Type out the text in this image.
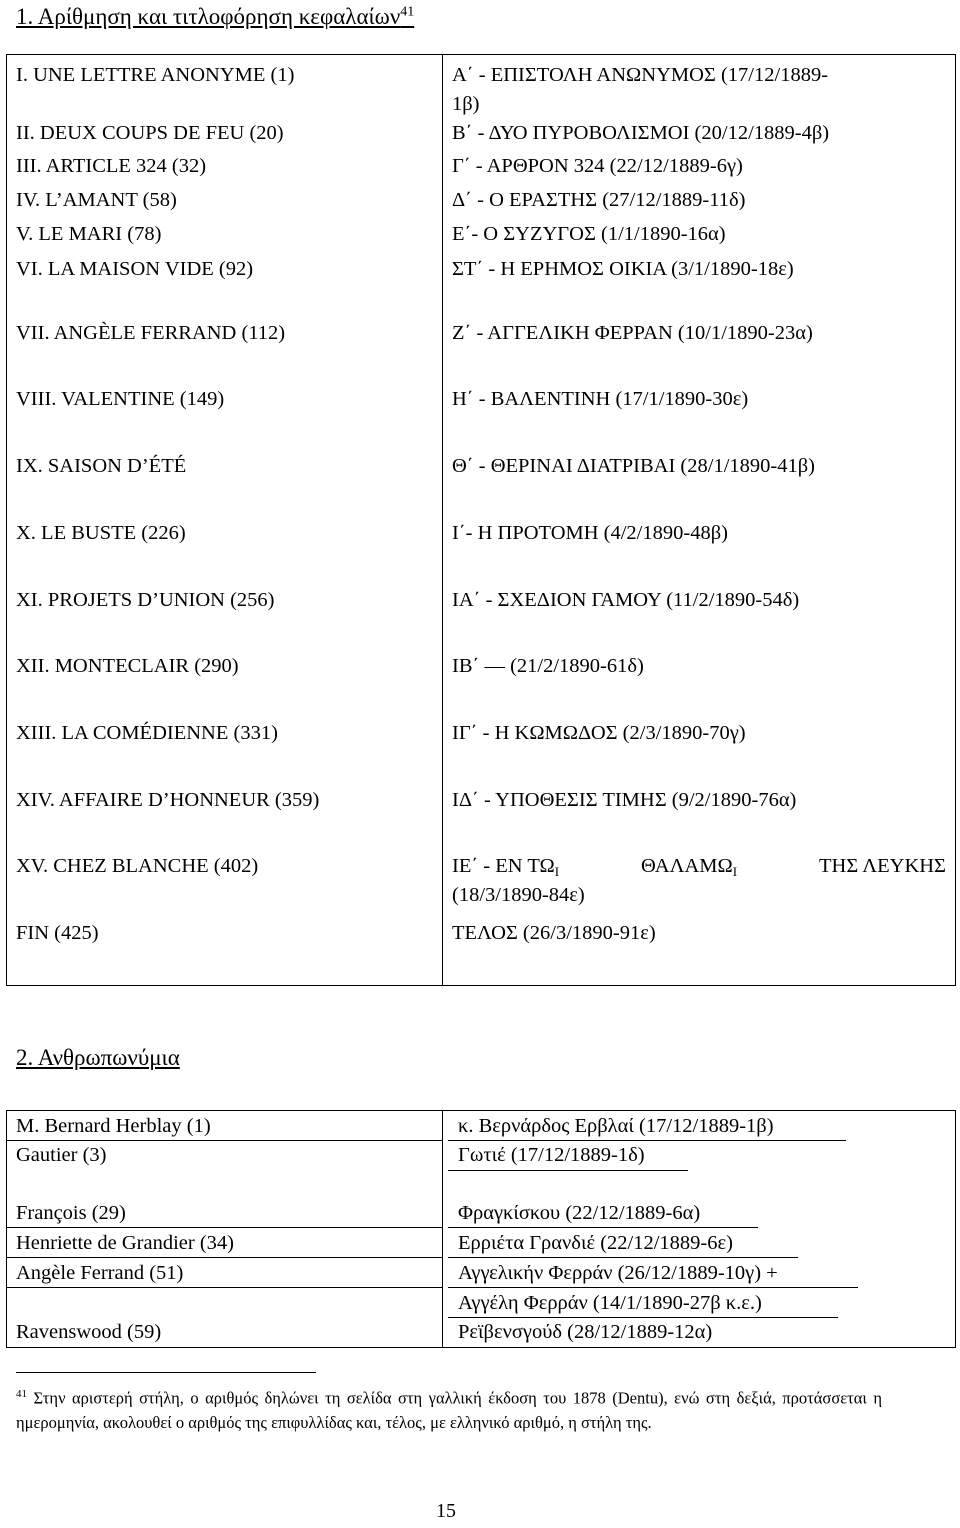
1. Αρίθμηση και τιτλοφόρηση κεφαλαίων$^{41}$
I. UNE LETTRE ANONYME (1)	Α΄ - ΕΠΙΣΤΟΛΗ ΑΝΩΝΥΜΟΣ (17/12/1889-
1β)
II. DEUX COUPS DE FEU (20)	Β΄ - ΔΥΟ ΠΥΡΟΒΟΛΙΣΜΟΙ (20/12/1889-4β)
III. ARTICLE 324 (32)	Γ΄ - ΑΡΘΡΟΝ 324 (22/12/1889-6γ)
IV. L’AMANT (58)	Δ΄ - Ο ΕΡΑΣΤΗΣ (27/12/1889-11δ)
V. LE MARI (78)	Ε΄- Ο ΣΥΖΥΓΟΣ (1/1/1890-16α)
VI. LA MAISON VIDE (92)	ΣΤ΄ - Η ΕΡΗΜΟΣ ΟΙΚΙΑ (3/1/1890-18ε)
VII. ANGÈLE FERRAND (112)	Ζ΄ - ΑΓΓΕΛΙΚΗ ΦΕΡΡΑΝ (10/1/1890-23α)
VIII. VALENTINE (149)	Η΄ - ΒΑΛΕΝΤΙΝΗ (17/1/1890-30ε)
IX. SAISON D’ÉTÉ	Θ΄ - ΘΕΡΙΝΑΙ ΔΙΑΤΡΙΒΑΙ (28/1/1890-41β)
X. LE BUSTE (226)	Ι΄- Η ΠΡΟΤΟΜΗ (4/2/1890-48β)
XI. PROJETS D’UNION (256)	ΙΑ΄ - ΣΧΕΔΙΟΝ ΓΑΜΟΥ (11/2/1890-54δ)
XII. MONTECLAIR (290)	ΙΒ΄ — (21/2/1890-61δ)
XIII. LA COMÉDIENNE (331)	ΙΓ΄ - Η ΚΩΜΩΔΟΣ (2/3/1890-70γ)
XIV. AFFAIRE D’HONNEUR (359)	ΙΔ΄ - ΥΠΟΘΕΣΙΣ ΤΙΜΗΣ (9/2/1890-76α)
XV. CHEZ BLANCHE (402)	ΙΕ΄ - ΕΝ $T\Omega_I$	$\Theta A\Lambda AM\Omega_I$	ΤΗΣ ΛΕΥΚΗΣ
(18/3/1890-84ε)
FIN (425)	ΤΕΛΟΣ (26/3/1890-91ε)
2. Ανθρωπωνύμια
M. Bernard Herblay (1)	κ. Βερνάρδος Ερβλαί (17/12/1889-1β)
Gautier (3)	Γωτιέ (17/12/1889-1δ)
François (29)	Φραγκίσκου (22/12/1889-6α)
Henriette de Grandier (34)	Ερριέτα Γρανδιέ (22/12/1889-6ε)
Angèle Ferrand (51)	Αγγελικήν Φερράν (26/12/1889-10γ) +
Αγγέλη Φερράν (14/1/1890-27β κ.ε.)
Ravenswood (59)	Ρεϊβενσγούδ (28/12/1889-12α)
$^{41}$ Στην αριστερή στήλη, ο αριθμός δηλώνει τη σελίδα στη γαλλική έκδοση του 1878 (Dentu), ενώ στη δεξιά, προτάσσεται η ημερομηνία, ακολουθεί ο αριθμός της επιφυλλίδας και, τέλος, με ελληνικό αριθμό, η στήλη της.
15
